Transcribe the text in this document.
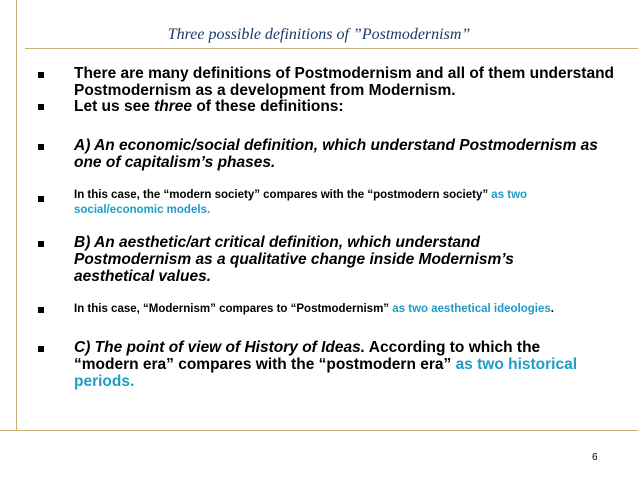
Three possible definitions of ”Postmodernism”
There are many definitions of Postmodernism and all of them understand Postmodernism as a development from Modernism.
Let us see three of these definitions:
A) An economic/social definition, which understand Postmodernism as one of capitalism’s phases.
In this case, the “modern society” compares with the “postmodern society” as two social/economic models.
B) An aesthetic/art critical definition, which understand Postmodernism as a qualitative change inside Modernism’s aesthetical values.
In this case, “Modernism” compares to “Postmodernism” as two aesthetical ideologies.
C) The point of view of History of Ideas. According to which the “modern era” compares with the “postmodern era” as two historical periods.
6
